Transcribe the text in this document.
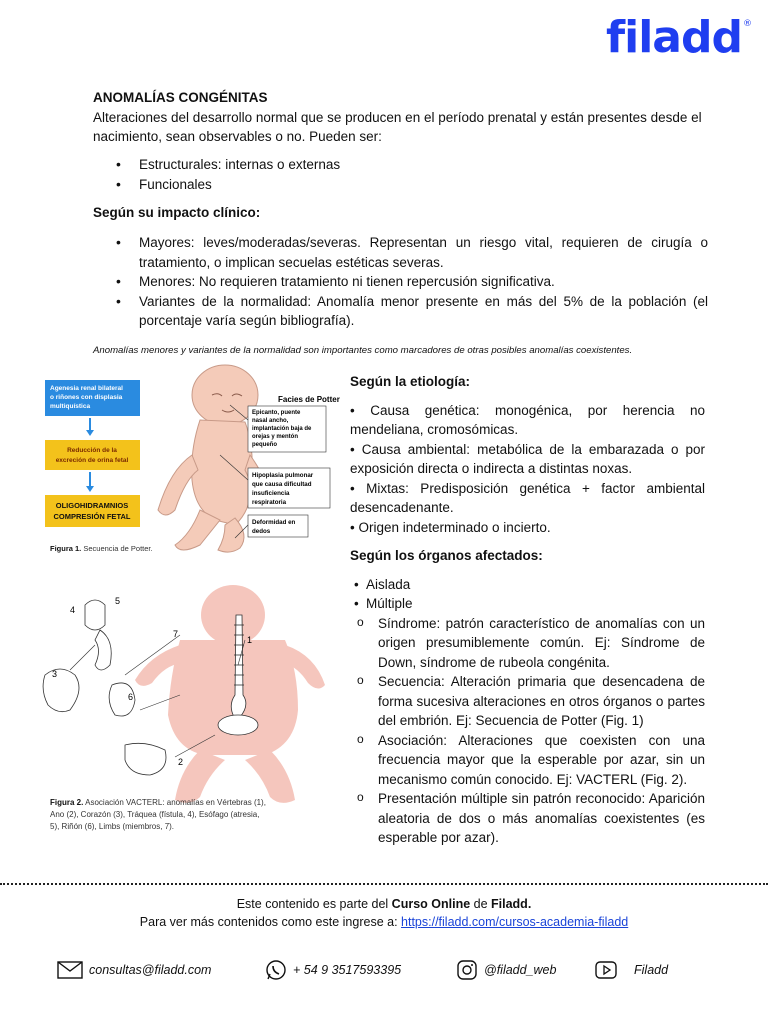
filadd®

ANOMALÍAS CONGÉNITAS

Alteraciones del desarrollo normal que se producen en el período prenatal y están presentes desde el nacimiento, sean observables o no. Pueden ser:

• Estructurales: internas o externas
• Funcionales

Según su impacto clínico:

• Mayores: leves/moderadas/severas. Representan un riesgo vital, requieren de cirugía o tratamiento, o implican secuelas estéticas severas.
• Menores: No requieren tratamiento ni tienen repercusión significativa.
• Variantes de la normalidad: Anomalía menor presente en más del 5% de la población (el porcentaje varía según bibliografía).

Anomalías menores y variantes de la normalidad son importantes como marcadores de otras posibles anomalías coexistentes.

Agenesia renal bilateral
o riñones con displasia
multiquística
Reducción de la
excreción de orina fetal
OLIGOHIDRAMNIOS
COMPRESIÓN FETAL
Facies de Potter
Epicanto, puente
nasal ancho,
implantación baja de
orejas y mentón
pequeño
Hipoplasia pulmonar
que causa dificultad
insuficiencia
respiratoria
Deformidad en
dedos
Figura 1. Secuencia de Potter.
1
2
3
4
5
6
7
Figura 2. Asociación VACTERL: anomalías en Vértebras (1),
Ano (2), Corazón (3), Tráquea (fístula, 4), Esófago (atresia,
5), Riñón (6), Limbs (miembros, 7).

Según la etiología:

• Causa genética: monogénica, por herencia no mendeliana, cromosómicas.

• Causa ambiental: metabólica de la embarazada o por exposición directa o indirecta a distintas noxas.

• Mixtas: Predisposición genética + factor ambiental desencadenante.

• Origen indeterminado o incierto.

Según los órganos afectados:

• Aislada
• Múltiple
o Síndrome: patrón característico de anomalías con un origen presumiblemente común. Ej: Síndrome de Down, síndrome de rubeola congénita.
o Secuencia: Alteración primaria que desencadena de forma sucesiva alteraciones en otros órganos o partes del embrión. Ej: Secuencia de Potter (Fig. 1)
o Asociación: Alteraciones que coexisten con una frecuencia mayor que la esperable por azar, sin un mecanismo común conocido. Ej: VACTERL (Fig. 2).
o Presentación múltiple sin patrón reconocido: Aparición aleatoria de dos o más anomalías coexistentes (es esperable por azar).
Este contenido es parte del Curso Online de Filadd.
Para ver más contenidos como este ingrese a: https://filadd.com/cursos-academia-filadd
consultas@filadd.com	+ 54 9 3517593395	@filadd_web	Filadd
